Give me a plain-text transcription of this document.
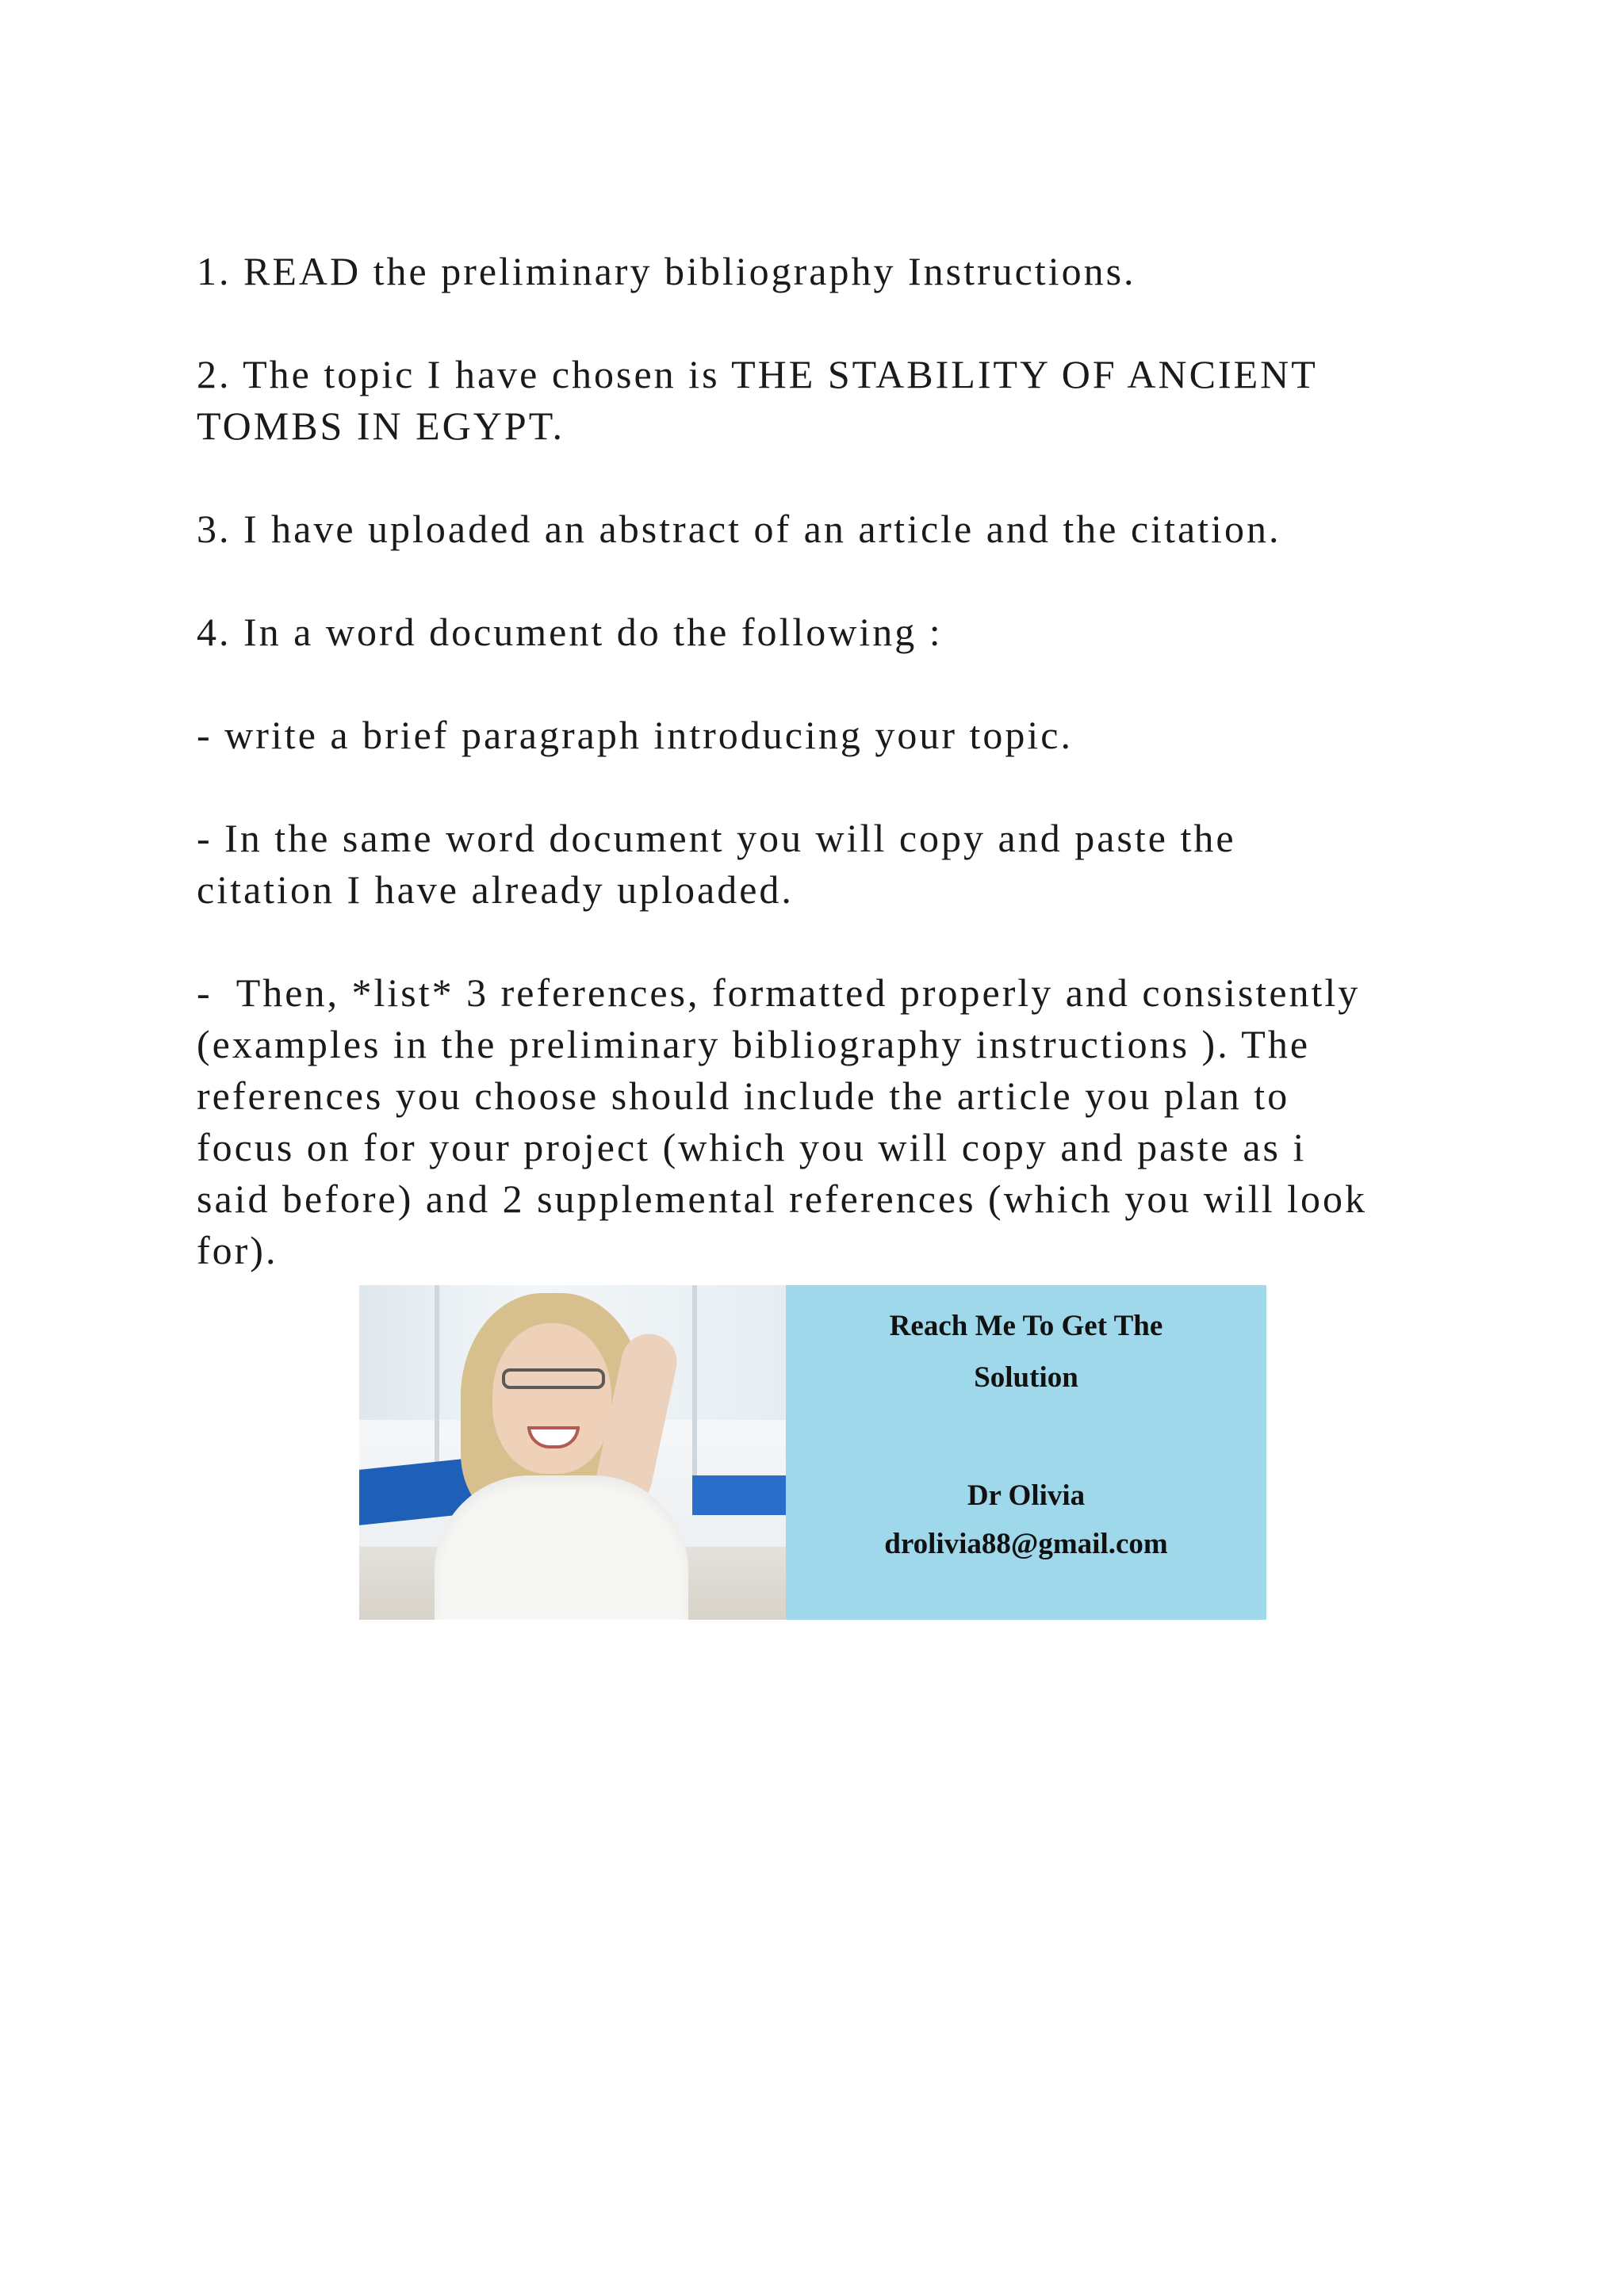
1. READ the preliminary bibliography Instructions.

2. The topic I have chosen is THE STABILITY OF ANCIENT
TOMBS IN EGYPT.

3. I have uploaded an abstract of an article and the citation.

4. In a word document do the following :

- write a brief paragraph introducing your topic.

- In the same word document you will copy and paste the
citation I have already uploaded.

-  Then, *list* 3 references, formatted properly and consistently
(examples in the preliminary bibliography instructions ). The
references you choose should include the article you plan to
focus on for your project (which you will copy and paste as i
said before) and 2 supplemental references (which you will look
for).

Reach Me To Get The
Solution
Dr Olivia
drolivia88@gmail.com
